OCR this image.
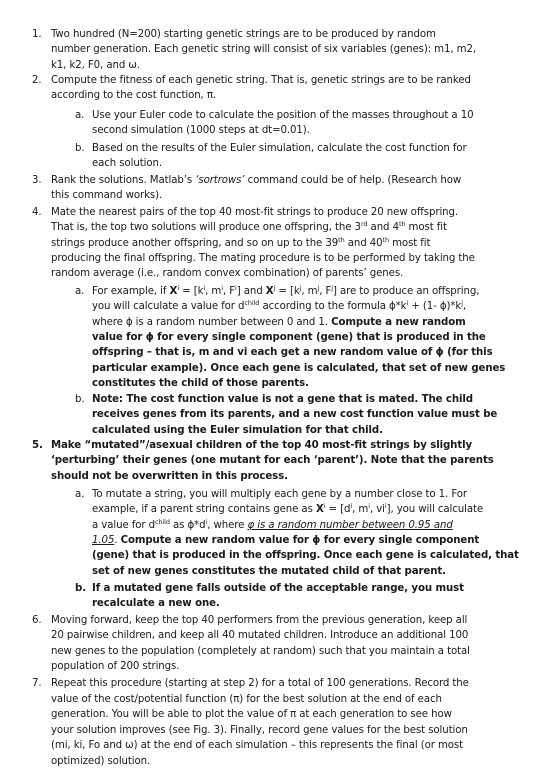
1. Two hundred (N=200) starting genetic strings are to be produced by random
number generation. Each genetic string will consist of six variables (genes): m1, m2,
k1, k2, F0, and ω.
2. Compute the fitness of each genetic string. That is, genetic strings are to be ranked
according to the cost function, π.
a. Use your Euler code to calculate the position of the masses throughout a 10
second simulation (1000 steps at dt=0.01).
b. Based on the results of the Euler simulation, calculate the cost function for
each solution.
3. Rank the solutions. Matlab’s ‘sortrows’ command could be of help. (Research how
this command works).
4. Mate the nearest pairs of the top 40 most-fit strings to produce 20 new offspring.
That is, the top two solutions will produce one offspring, the 3rd and 4th most fit
strings produce another offspring, and so on up to the 39th and 40th most fit
producing the final offspring. The mating procedure is to be performed by taking the
random average (i.e., random convex combination) of parents’ genes.
a. For example, if $X^i = [k^i$, $m^i$, $F^i$] and $X^j = [k^j$, $m^j$, $F^j$] are to produce an offspring,
you will calculate a value for $d^{child}$ according to the formula $\phi*k^i + (1-$ $\phi)*k^j$,
where ϕ is a random number between 0 and 1. Compute a new random
value for ϕ for every single component (gene) that is produced in the
offspring – that is, m and vi each get a new random value of ϕ (for this
particular example). Once each gene is calculated, that set of new genes
constitutes the child of those parents.
b. Note: The cost function value is not a gene that is mated. The child
receives genes from its parents, and a new cost function value must be
calculated using the Euler simulation for that child.
5. Make “mutated”/asexual children of the top 40 most-fit strings by slightly
‘perturbing’ their genes (one mutant for each ‘parent’). Note that the parents
should not be overwritten in this process.
a. To mutate a string, you will multiply each gene by a number close to 1. For
example, if a parent string contains gene as $X^i = [d^i$, $m^i$, $vi^i$], you will calculate
a value for $d^{child}$ as $\phi*d^i$, where φ is a random number between 0.95 and
1.05. Compute a new random value for ϕ for every single component
(gene) that is produced in the offspring. Once each gene is calculated, that
set of new genes constitutes the mutated child of that parent.
b. If a mutated gene falls outside of the acceptable range, you must
recalculate a new one.
6. Moving forward, keep the top 40 performers from the previous generation, keep all
20 pairwise children, and keep all 40 mutated children. Introduce an additional 100
new genes to the population (completely at random) such that you maintain a total
population of 200 strings.
7. Repeat this procedure (starting at step 2) for a total of 100 generations. Record the
value of the cost/potential function (π) for the best solution at the end of each
generation. You will be able to plot the value of π at each generation to see how
your solution improves (see Fig. 3). Finally, record gene values for the best solution
(mi, ki, Fo and ω) at the end of each simulation – this represents the final (or most
optimized) solution.
